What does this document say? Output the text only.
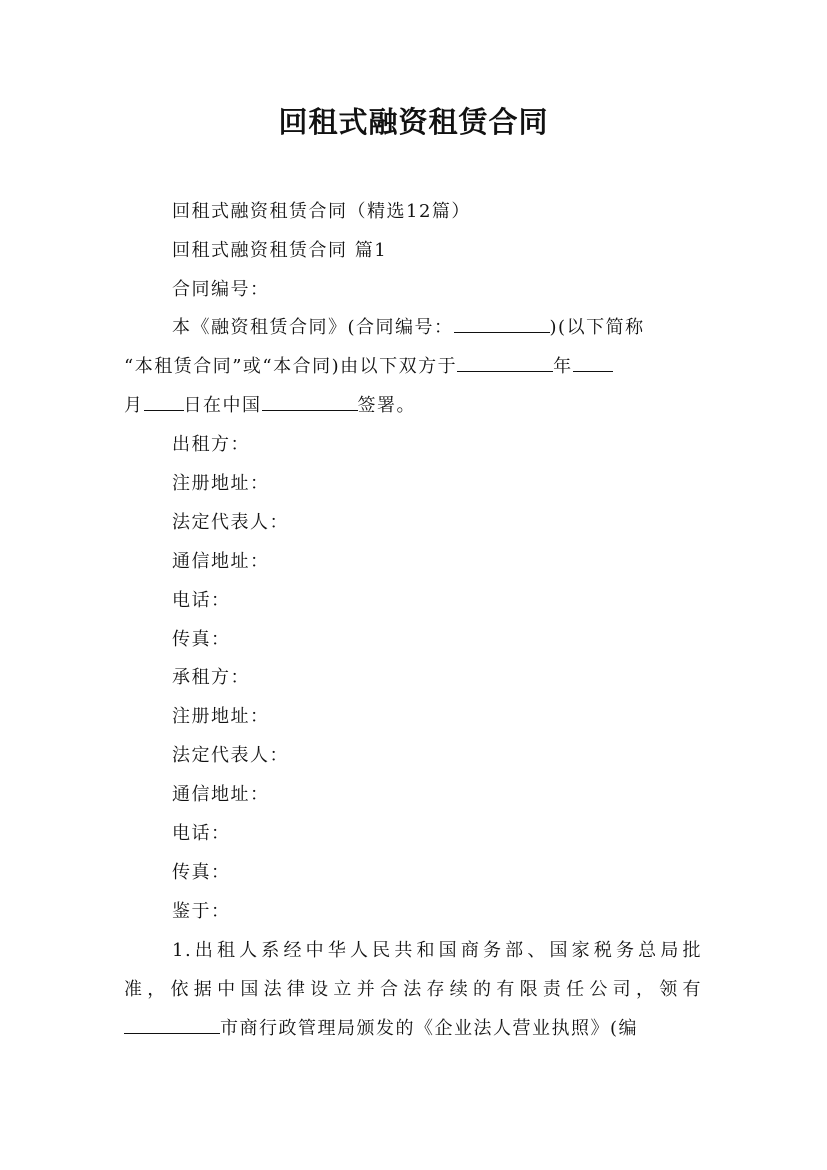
回租式融资租赁合同
回租式融资租赁合同（精选12篇）
回租式融资租赁合同 篇1
合同编号：
本《融资租赁合同》(合同编号：	)(以下简称
“本租赁合同”或“本合同)由以下双方于	年
月 日在中国	签署。
出租方：
注册地址：
法定代表人：
通信地址：
电话：
传真：
承租方：
注册地址：
法定代表人：
通信地址：
电话：
传真：
鉴于：
1.出租人系经中华人民共和国商务部、国家税务总局批
准，依据中国法律设立并合法存续的有限责任公司，领有
市商行政管理局颁发的《企业法人营业执照》(编
